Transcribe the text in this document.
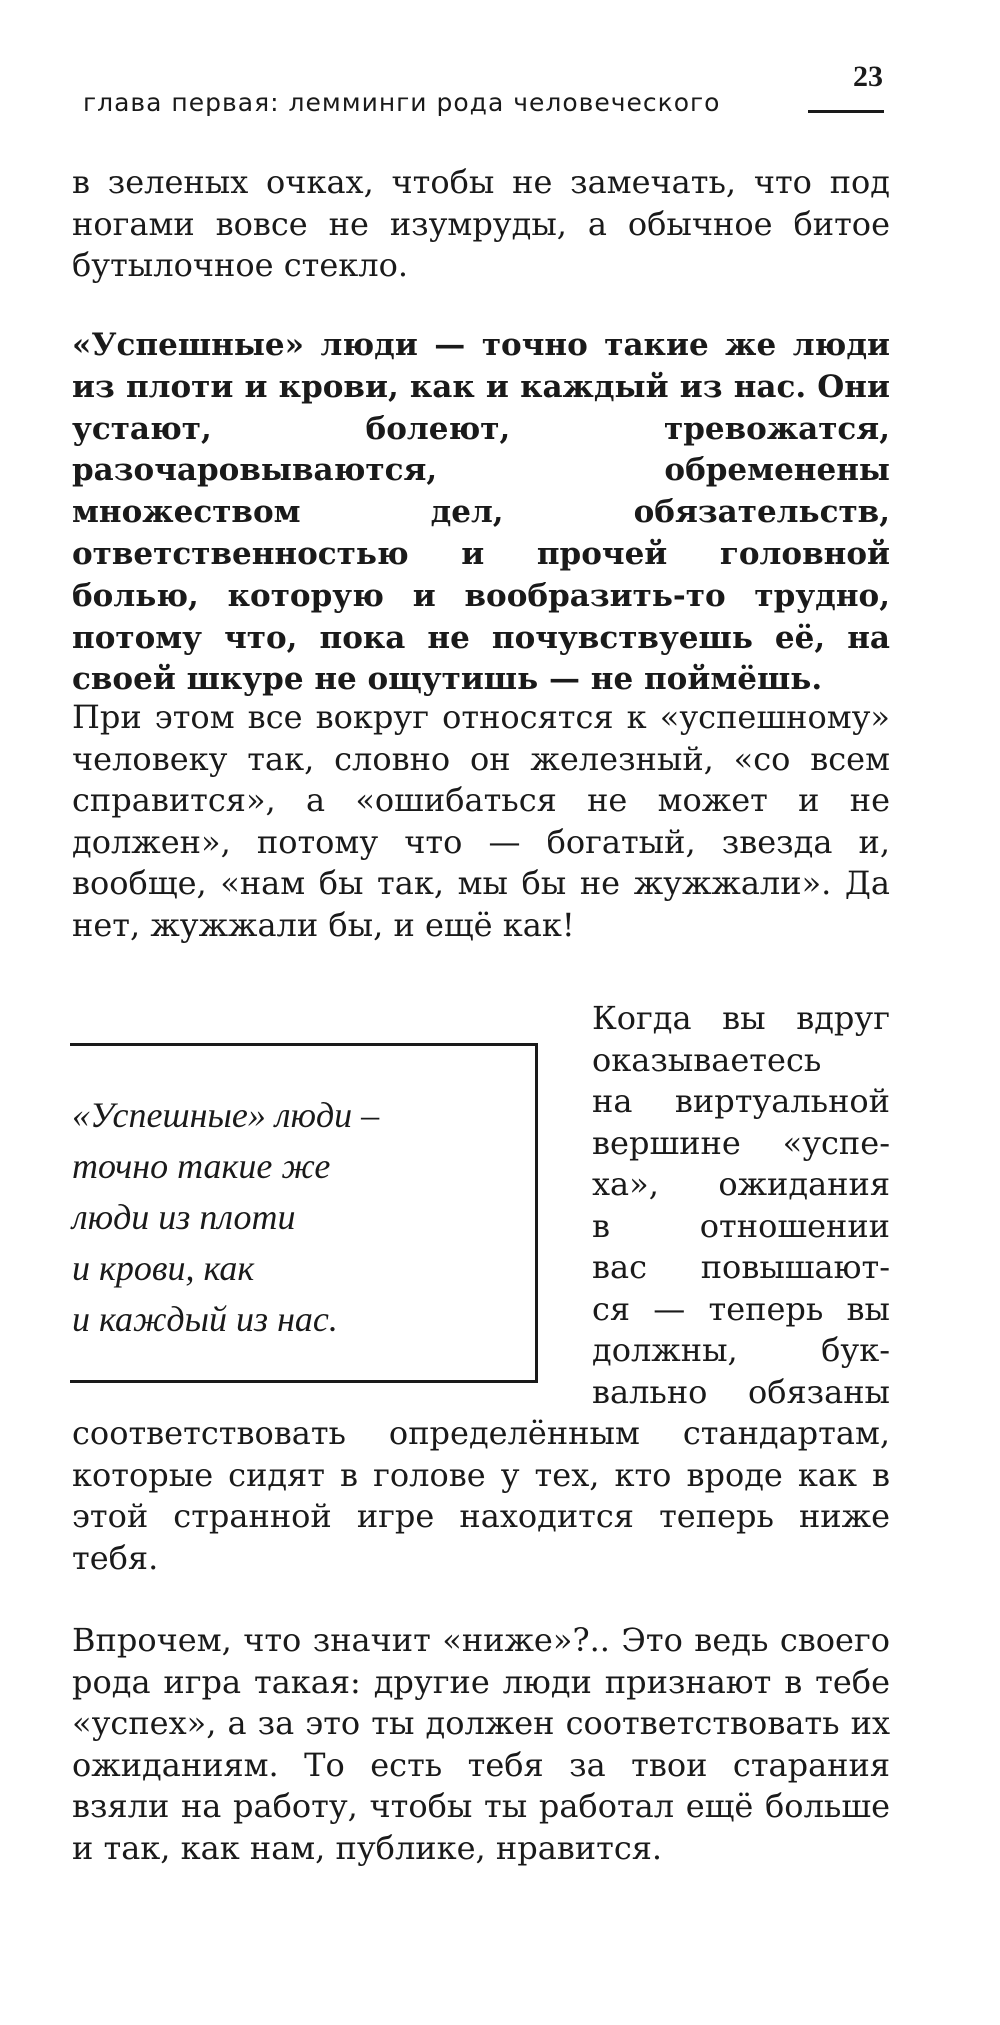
глава первая: лемминги рода человеческого
23

в зеленых очках, чтобы не замечать, что под ногами вовсе не изумруды, а обычное битое бутылочное стекло.

«Успешные» люди — точно такие же люди из плоти и крови, как и каждый из нас. Они устают, болеют, тревожатся, разочаровываются, обременены множеством дел, обязательств, ответственностью и прочей головной болью, которую и вообразить-то трудно, потому что, пока не почувствуешь её, на своей шкуре не ощутишь — не поймёшь.

При этом все вокруг относятся к «успешному» человеку так, словно он железный, «со всем справится», а «ошибаться не может и не должен», потому что — богатый, звезда и, вообще, «нам бы так, мы бы не жужжали». Да нет, жужжали бы, и ещё как!

«Успешные» люди –
точно такие же
люди из плоти
и крови, как
и каждый из нас.
Когда вы вдруг
оказываетесь
на виртуальной
вершине «успе-
ха», ожидания
в отношении
вас повышают-
ся — теперь вы
должны, бук-
вально обязаны

соответствовать определённым стандартам, которые сидят в голове у тех, кто вроде как в этой странной игре находится теперь ниже тебя.

Впрочем, что значит «ниже»?.. Это ведь своего рода игра такая: другие люди признают в тебе «успех», а за это ты должен соответствовать их ожиданиям. То есть тебя за твои старания взяли на работу, чтобы ты работал ещё больше и так, как нам, публике, нравится.
